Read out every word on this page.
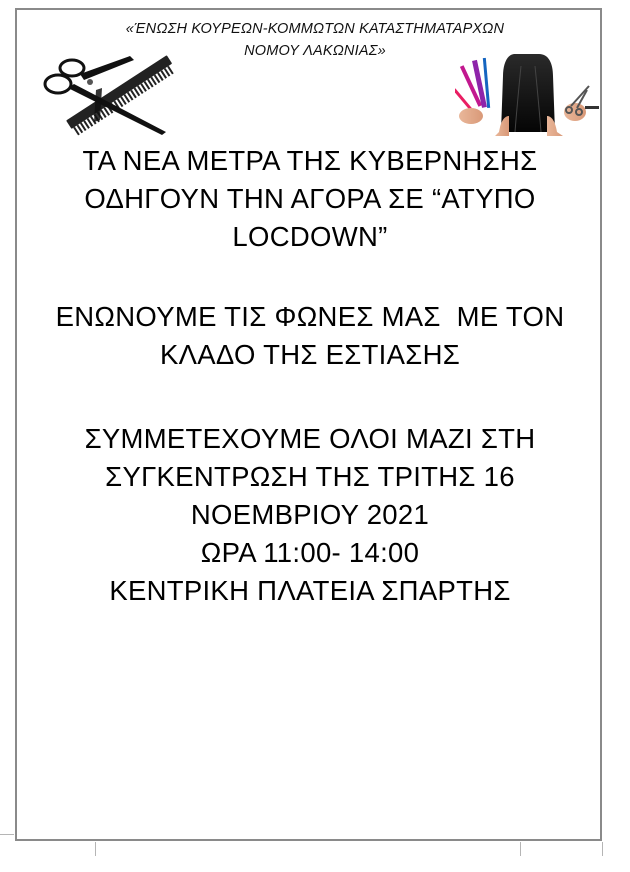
«ΈΝΩΣΗ ΚΟΥΡΕΩΝ-ΚΟΜΜΩΤΩΝ ΚΑΤΑΣΤΗΜΑΤΑΡΧΩΝ
ΝΟΜΟΥ ΛΑΚΩΝΙΑΣ»
ΤΑ ΝΕΑ ΜΕΤΡΑ ΤΗΣ ΚΥΒΕΡΝΗΣΗΣ
ΟΔΗΓΟΥΝ ΤΗΝ ΑΓΟΡΑ ΣΕ “ΑΤΥΠΟ
LOCDOWN”
ΕΝΩΝΟΥΜΕ ΤΙΣ ΦΩΝΕΣ ΜΑΣ  ΜΕ ΤΟΝ
ΚΛΑΔΟ ΤΗΣ ΕΣΤΙΑΣΗΣ
ΣΥΜΜΕΤΕΧΟΥΜΕ ΟΛΟΙ ΜΑΖΙ ΣΤΗ
ΣΥΓΚΕΝΤΡΩΣΗ ΤΗΣ ΤΡΙΤΗΣ 16
ΝΟΕΜΒΡΙΟΥ 2021
ΩΡΑ 11:00- 14:00
ΚΕΝΤΡΙΚΗ ΠΛΑΤΕΙΑ ΣΠΑΡΤΗΣ
